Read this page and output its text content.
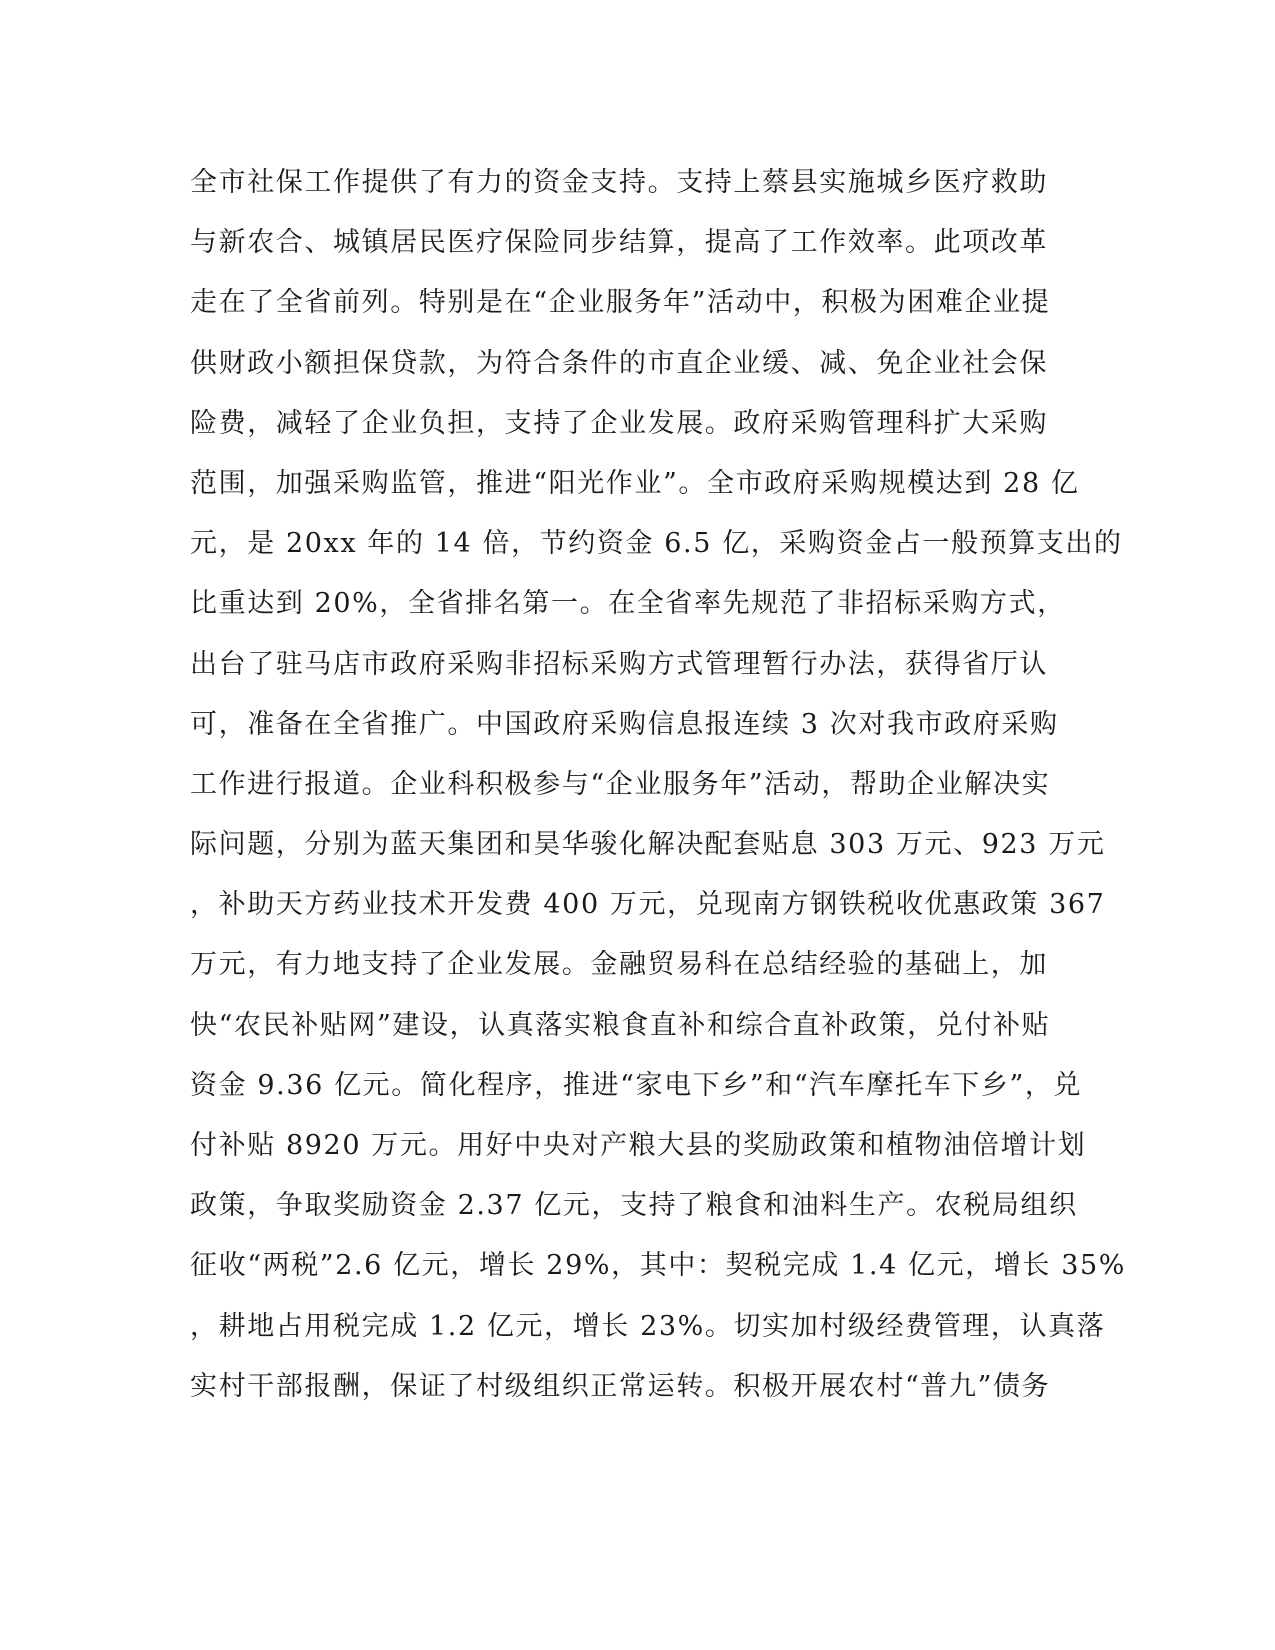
全市社保工作提供了有力的资金支持。支持上蔡县实施城乡医疗救助
与新农合、城镇居民医疗保险同步结算，提高了工作效率。此项改革
走在了全省前列。特别是在“企业服务年”活动中，积极为困难企业提
供财政小额担保贷款，为符合条件的市直企业缓、减、免企业社会保
险费，减轻了企业负担，支持了企业发展。政府采购管理科扩大采购
范围，加强采购监管，推进“阳光作业”。全市政府采购规模达到 28 亿
元，是 20xx 年的 14 倍，节约资金 6.5 亿，采购资金占一般预算支出的
比重达到 20%，全省排名第一。在全省率先规范了非招标采购方式，
出台了驻马店市政府采购非招标采购方式管理暂行办法，获得省厅认
可，准备在全省推广。中国政府采购信息报连续 3 次对我市政府采购
工作进行报道。企业科积极参与“企业服务年”活动，帮助企业解决实
际问题，分别为蓝天集团和昊华骏化解决配套贴息 303 万元、923 万元
，补助天方药业技术开发费 400 万元，兑现南方钢铁税收优惠政策 367
万元，有力地支持了企业发展。金融贸易科在总结经验的基础上，加
快“农民补贴网”建设，认真落实粮食直补和综合直补政策，兑付补贴
资金 9.36 亿元。简化程序，推进“家电下乡”和“汽车摩托车下乡”，兑
付补贴 8920 万元。用好中央对产粮大县的奖励政策和植物油倍增计划
政策，争取奖励资金 2.37 亿元，支持了粮食和油料生产。农税局组织
征收“两税”2.6 亿元，增长 29%，其中：契税完成 1.4 亿元，增长 35%
，耕地占用税完成 1.2 亿元，增长 23%。切实加村级经费管理，认真落
实村干部报酬，保证了村级组织正常运转。积极开展农村“普九”债务
